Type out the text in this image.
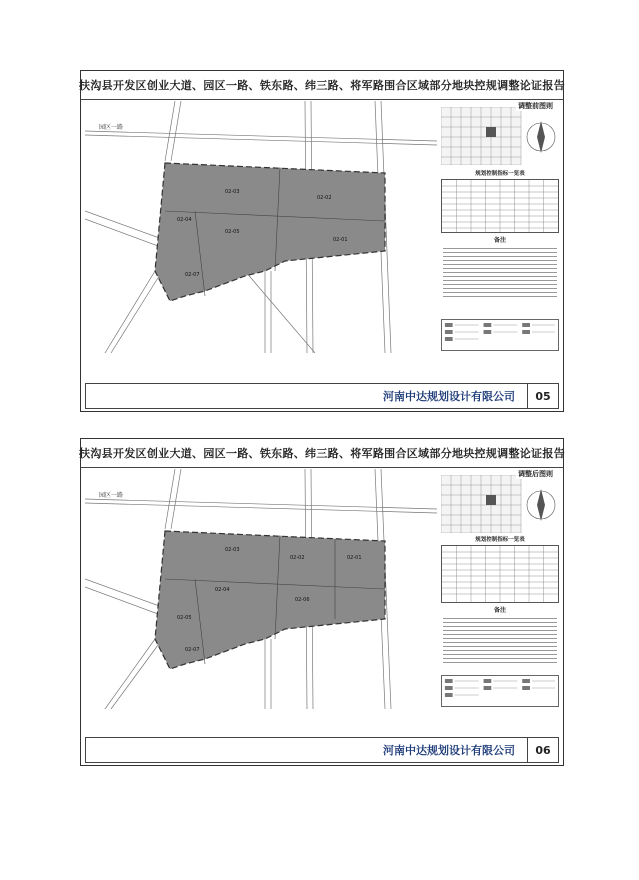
扶沟县开发区创业大道、园区一路、铁东路、纬三路、将军路围合区域部分地块控规调整论证报告
园区一路
02-03
02-02
02-01
02-04
02-05
02-07
调整前图则
规划控制指标一览表
备注
河南中达规划设计有限公司	05
扶沟县开发区创业大道、园区一路、铁东路、纬三路、将军路围合区域部分地块控规调整论证报告
园区一路
02-03
02-02	02-01
02-04
02-06
02-05
02-07
调整后图则
规划控制指标一览表
备注
河南中达规划设计有限公司	06
